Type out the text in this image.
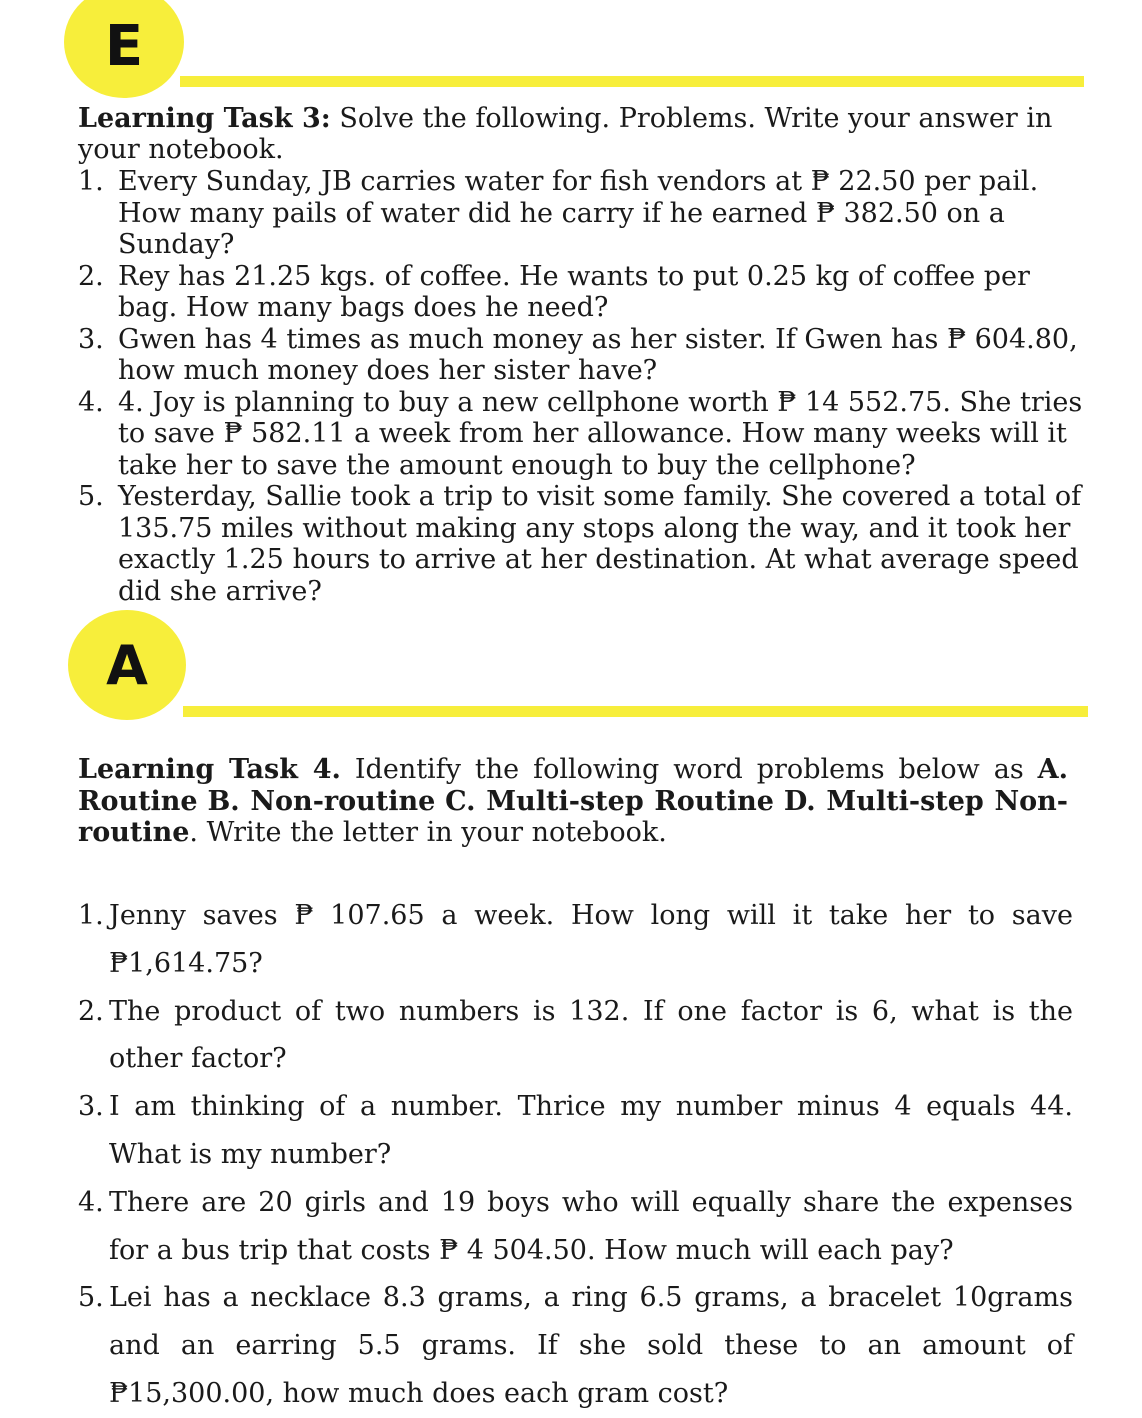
E
Learning Task 3: Solve the following. Problems. Write your answer in your notebook.
1. Every Sunday, JB carries water for fish vendors at ₱ 22.50 per pail. How many pails of water did he carry if he earned ₱ 382.50 on a Sunday?
2. Rey has 21.25 kgs. of coffee. He wants to put 0.25 kg of coffee per bag. How many bags does he need?
3. Gwen has 4 times as much money as her sister. If Gwen has ₱ 604.80, how much money does her sister have?
4. 4. Joy is planning to buy a new cellphone worth ₱ 14 552.75. She tries to save ₱ 582.11 a week from her allowance. How many weeks will it take her to save the amount enough to buy the cellphone?
5. Yesterday, Sallie took a trip to visit some family. She covered a total of 135.75 miles without making any stops along the way, and it took her exactly 1.25 hours to arrive at her destination. At what average speed did she arrive?
A
Learning Task 4. Identify the following word problems below as A. Routine B. Non-routine C. Multi-step Routine D. Multi-step Non-routine. Write the letter in your notebook.
1. Jenny saves ₱ 107.65 a week. How long will it take her to save ₱1,614.75?
2. The product of two numbers is 132. If one factor is 6, what is the other factor?
3. I am thinking of a number. Thrice my number minus 4 equals 44. What is my number?
4. There are 20 girls and 19 boys who will equally share the expenses for a bus trip that costs ₱ 4 504.50. How much will each pay?
5. Lei has a necklace 8.3 grams, a ring 6.5 grams, a bracelet 10grams and an earring 5.5 grams. If she sold these to an amount of ₱15,300.00, how much does each gram cost?
